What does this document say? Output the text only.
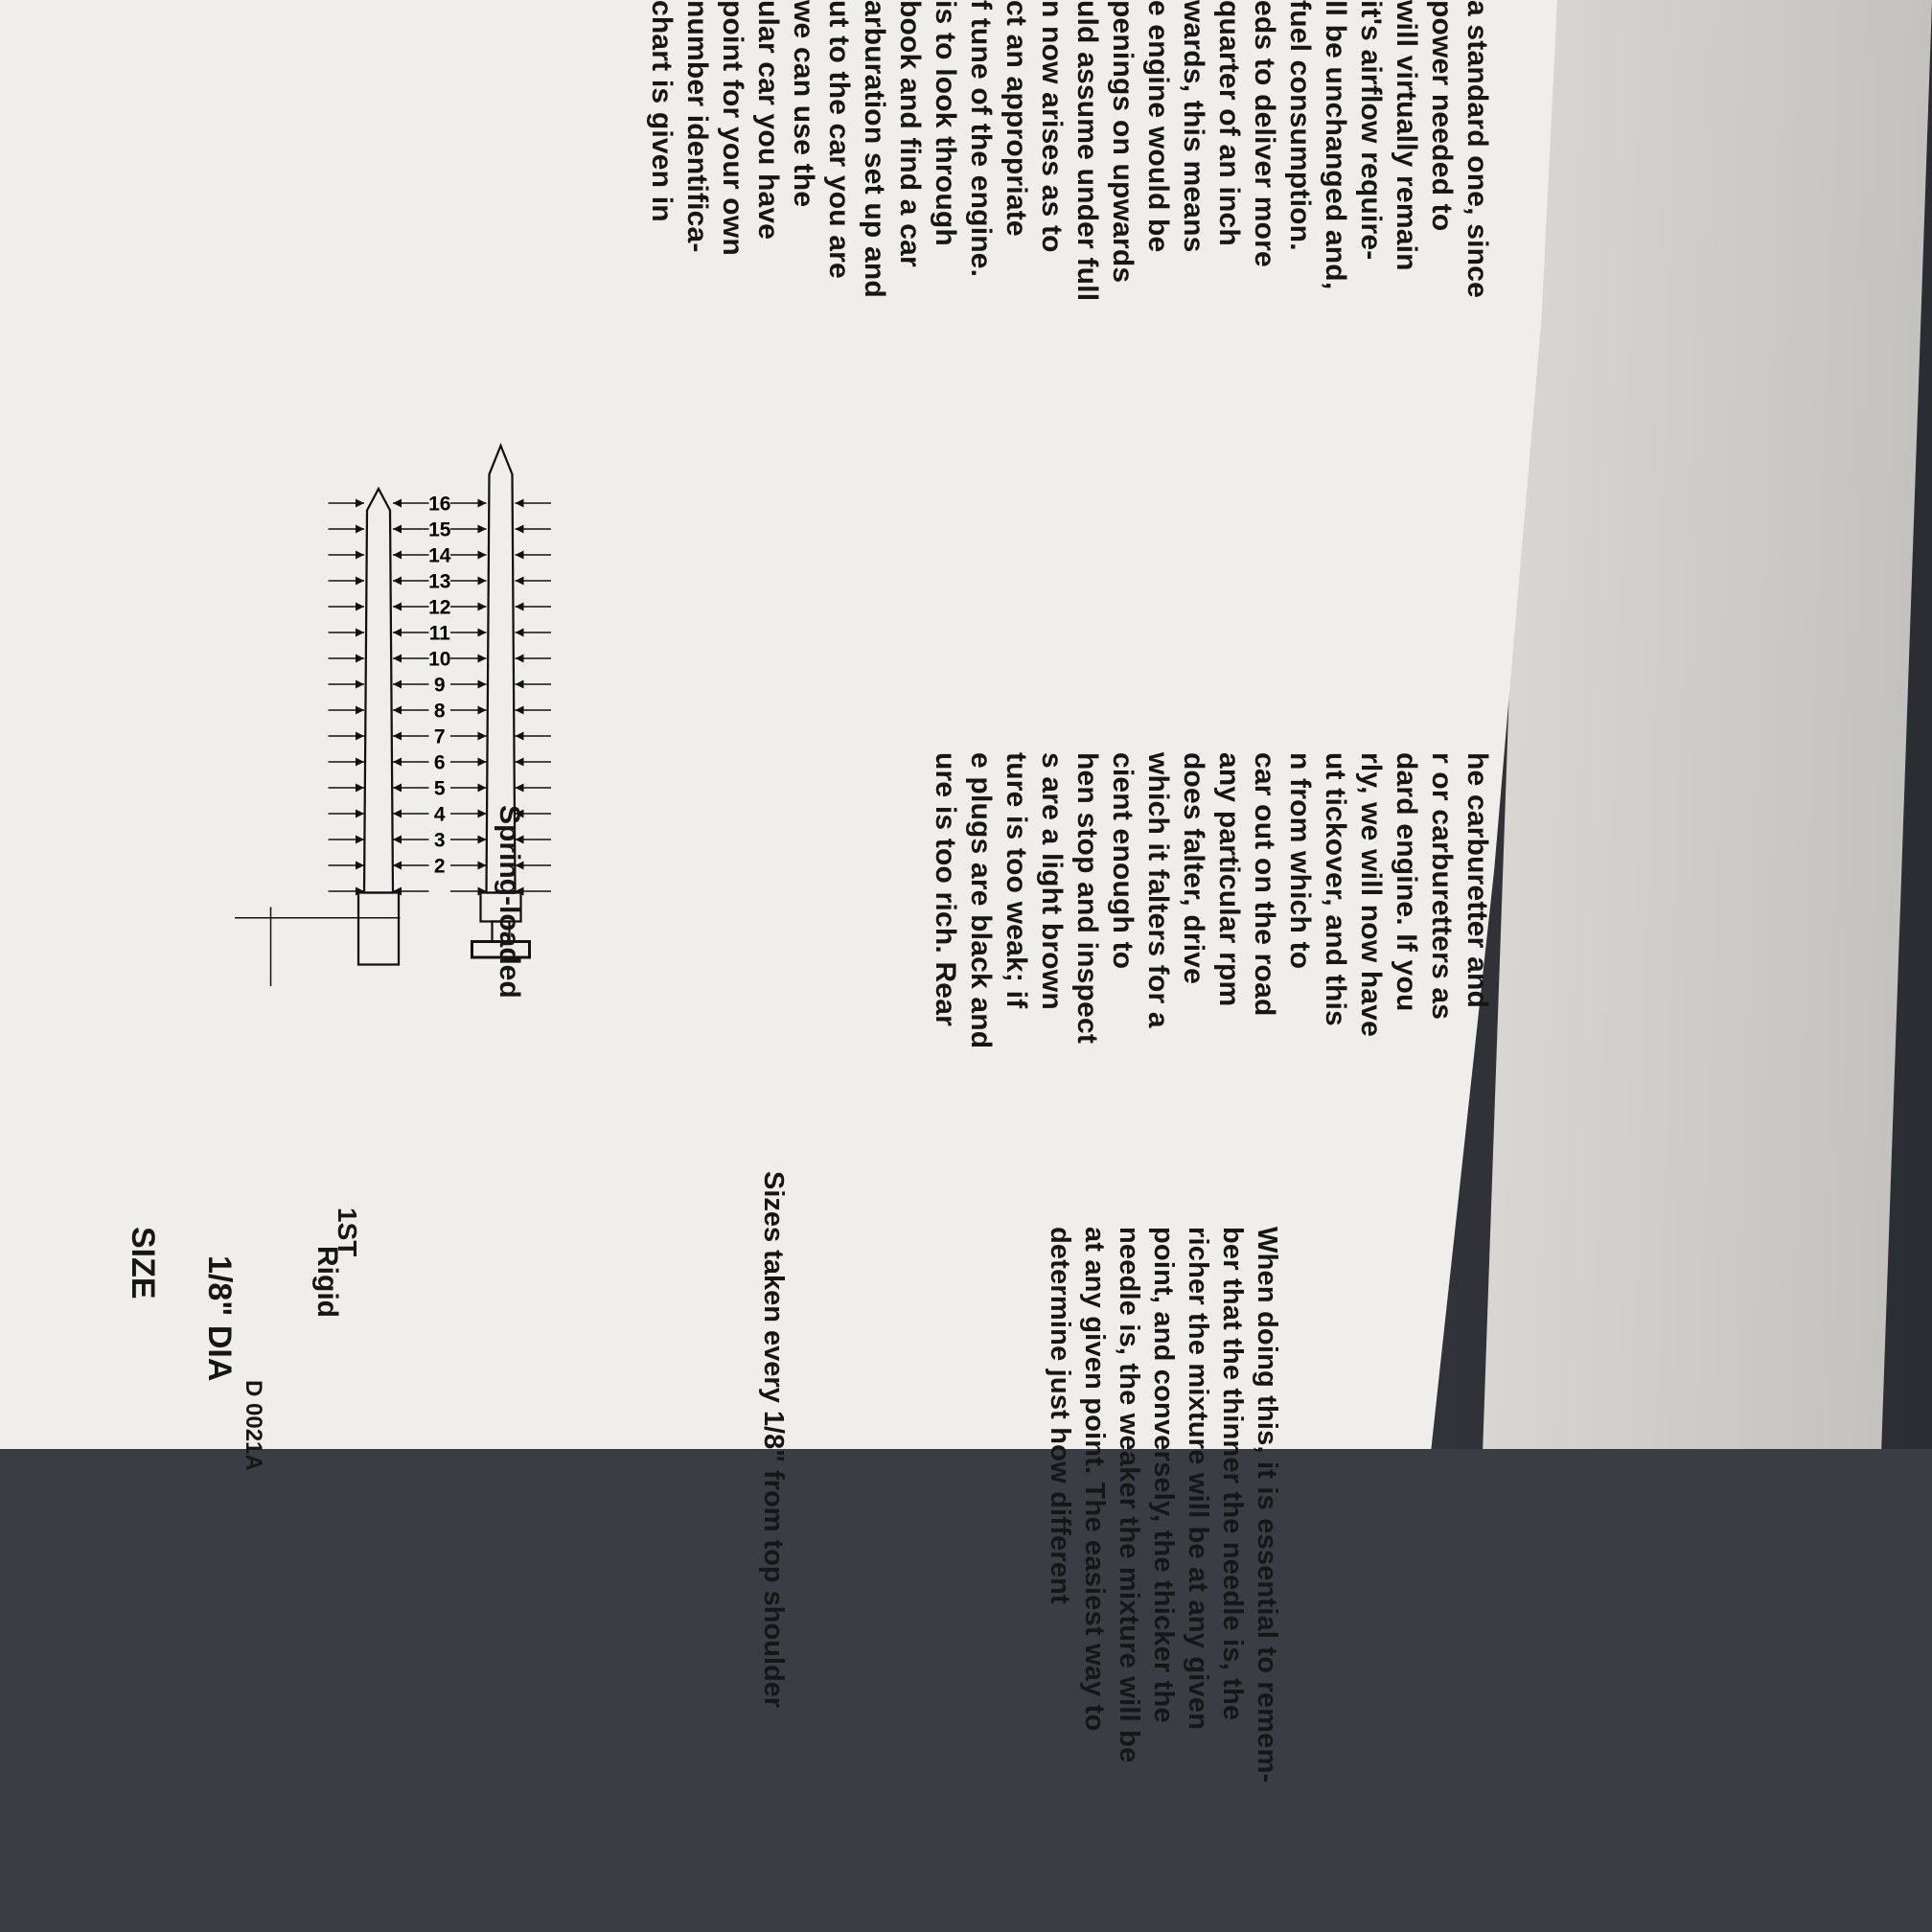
a standard one, since
power needed to
will virtually remain
it's airflow require-
ll be unchanged and,
fuel consumption.
eds to deliver more
quarter of an inch
wards, this means
e engine would be
penings on upwards
uld assume under full
n now arises as to
ct an appropriate
f tune of the engine.
is to look through
book and find a car
arburation set up and
ut to the car you are
we can use the
ular car you have
point for your own
number identifica-
chart is given in
he carburetter and
r or carburetters as
dard engine. If you
rly, we will now have
ut tickover, and this
n from which to
car out on the road
any particular rpm
does falter, drive
which it falters for a
cient enough to
hen stop and inspect
s are a light brown
ture is too weak; if
e plugs are black and
ure is too rich. Rear
When doing this, it is essential to remem-
ber that the thinner the needle is, the
richer the mixture will be at any given
point, and conversely, the thicker the
needle is, the weaker the mixture will be
at any given point. The easiest way to
determine just how different
2
3
4
5
6
7
8
9
10
11
12
13
14
15
16
Spring-loaded
Rigid
1/8" DIA
SIZE	1ST	Sizes taken every 1/8" from top shoulder
D 0021A
